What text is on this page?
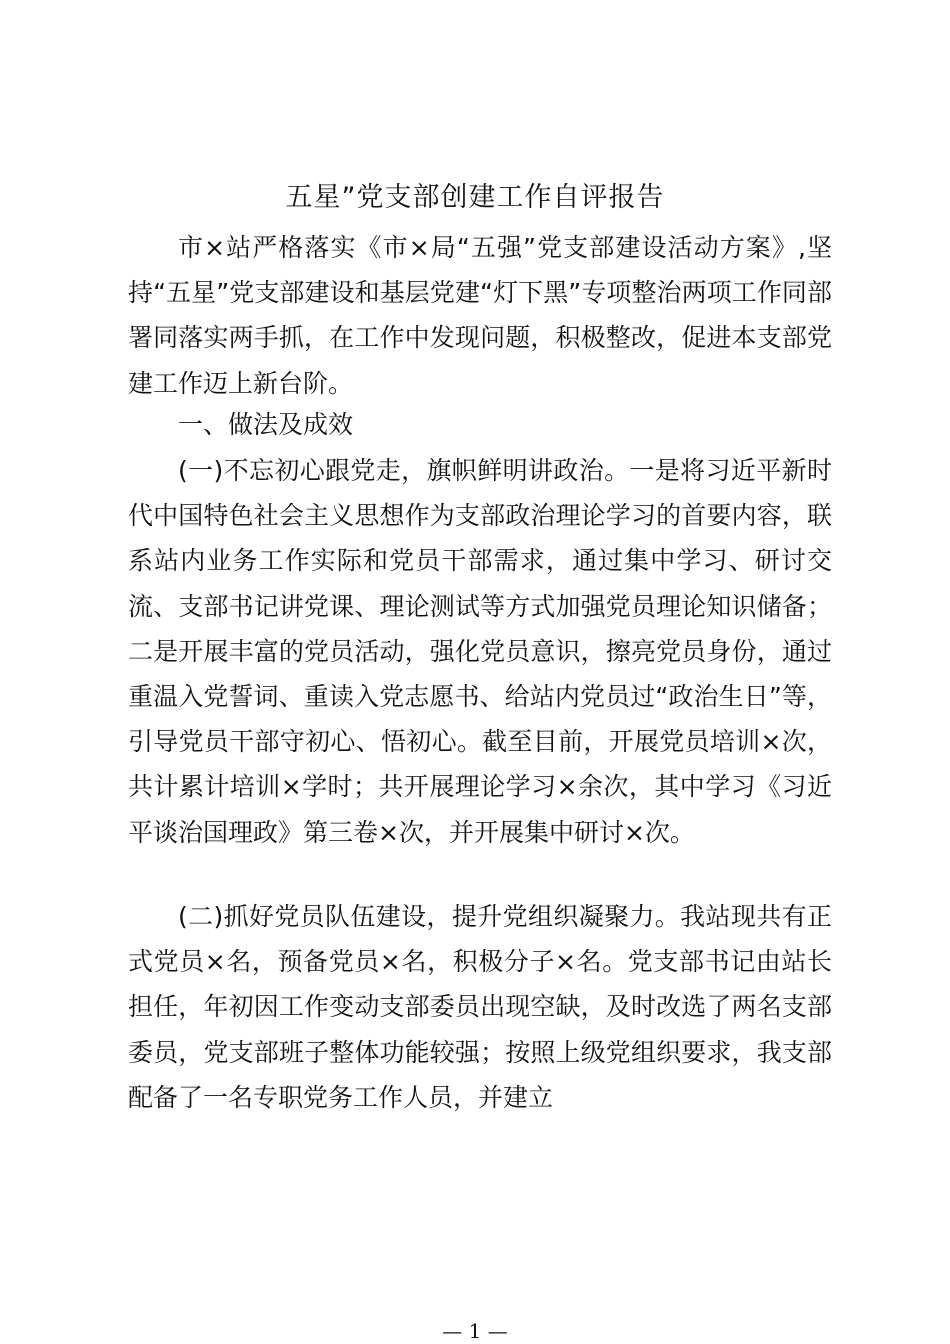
五星”党支部创建工作自评报告

市×站严格落实《市×局“五强”党支部建设活动方案》,坚持“五星”党支部建设和基层党建“灯下黑”专项整治两项工作同部署同落实两手抓，在工作中发现问题，积极整改，促进本支部党建工作迈上新台阶。

一、做法及成效

(一)不忘初心跟党走，旗帜鲜明讲政治。一是将习近平新时代中国特色社会主义思想作为支部政治理论学习的首要内容，联系站内业务工作实际和党员干部需求，通过集中学习、研讨交流、支部书记讲党课、理论测试等方式加强党员理论知识储备；二是开展丰富的党员活动，强化党员意识，擦亮党员身份，通过重温入党誓词、重读入党志愿书、给站内党员过“政治生日”等，引导党员干部守初心、悟初心。截至目前，开展党员培训×次，共计累计培训×学时；共开展理论学习×余次，其中学习《习近平谈治国理政》第三卷×次，并开展集中研讨×次。

(二)抓好党员队伍建设，提升党组织凝聚力。我站现共有正式党员×名，预备党员×名，积极分子×名。党支部书记由站长担任，年初因工作变动支部委员出现空缺，及时改选了两名支部委员，党支部班子整体功能较强；按照上级党组织要求，我支部配备了一名专职党务工作人员，并建立

— 1 —
